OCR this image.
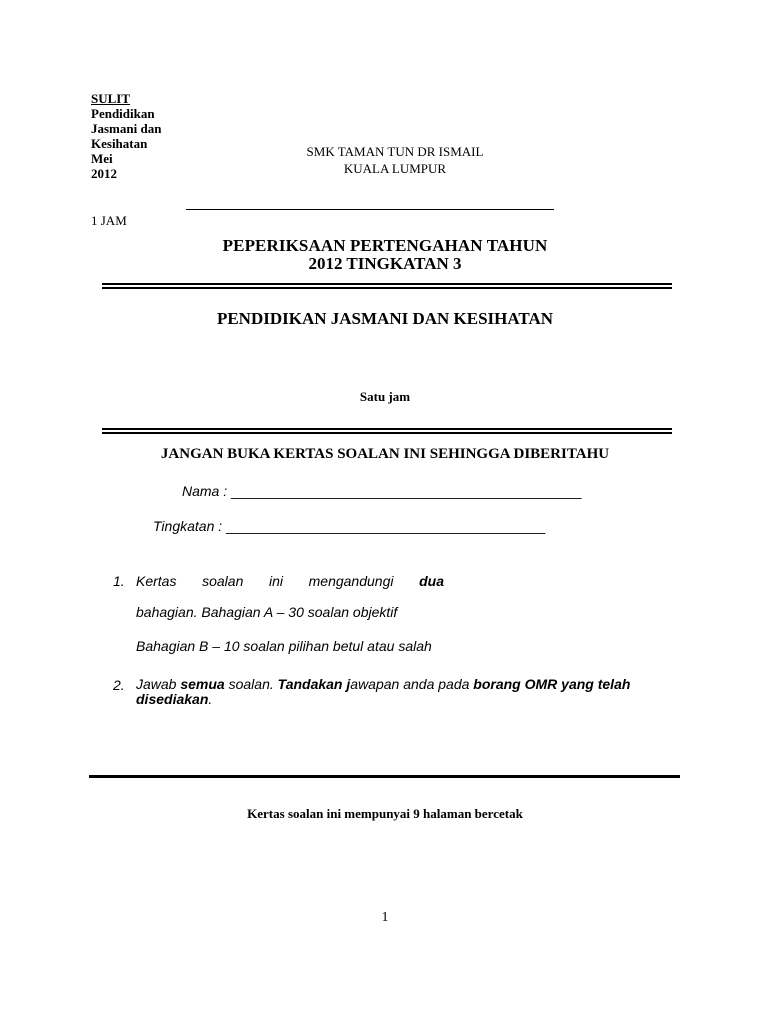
SULIT
Pendidikan
Jasmani dan
Kesihatan
Mei
2012
SMK TAMAN TUN DR ISMAIL
KUALA LUMPUR
1 JAM
PEPERIKSAAN PERTENGAHAN TAHUN
2012 TINGKATAN 3
PENDIDIKAN JASMANI DAN KESIHATAN
Satu jam
JANGAN BUKA KERTAS SOALAN INI SEHINGGA DIBERITAHU
Nama : _____________________________________________
Tingkatan : _________________________________________
1. Kertas soalan ini mengandungi dua
bahagian. Bahagian A – 30 soalan objektif
Bahagian B – 10 soalan pilihan betul atau salah
2. Jawab semua soalan. Tandakan jawapan anda pada borang OMR yang telah disediakan.
Kertas soalan ini mempunyai 9 halaman bercetak
1
